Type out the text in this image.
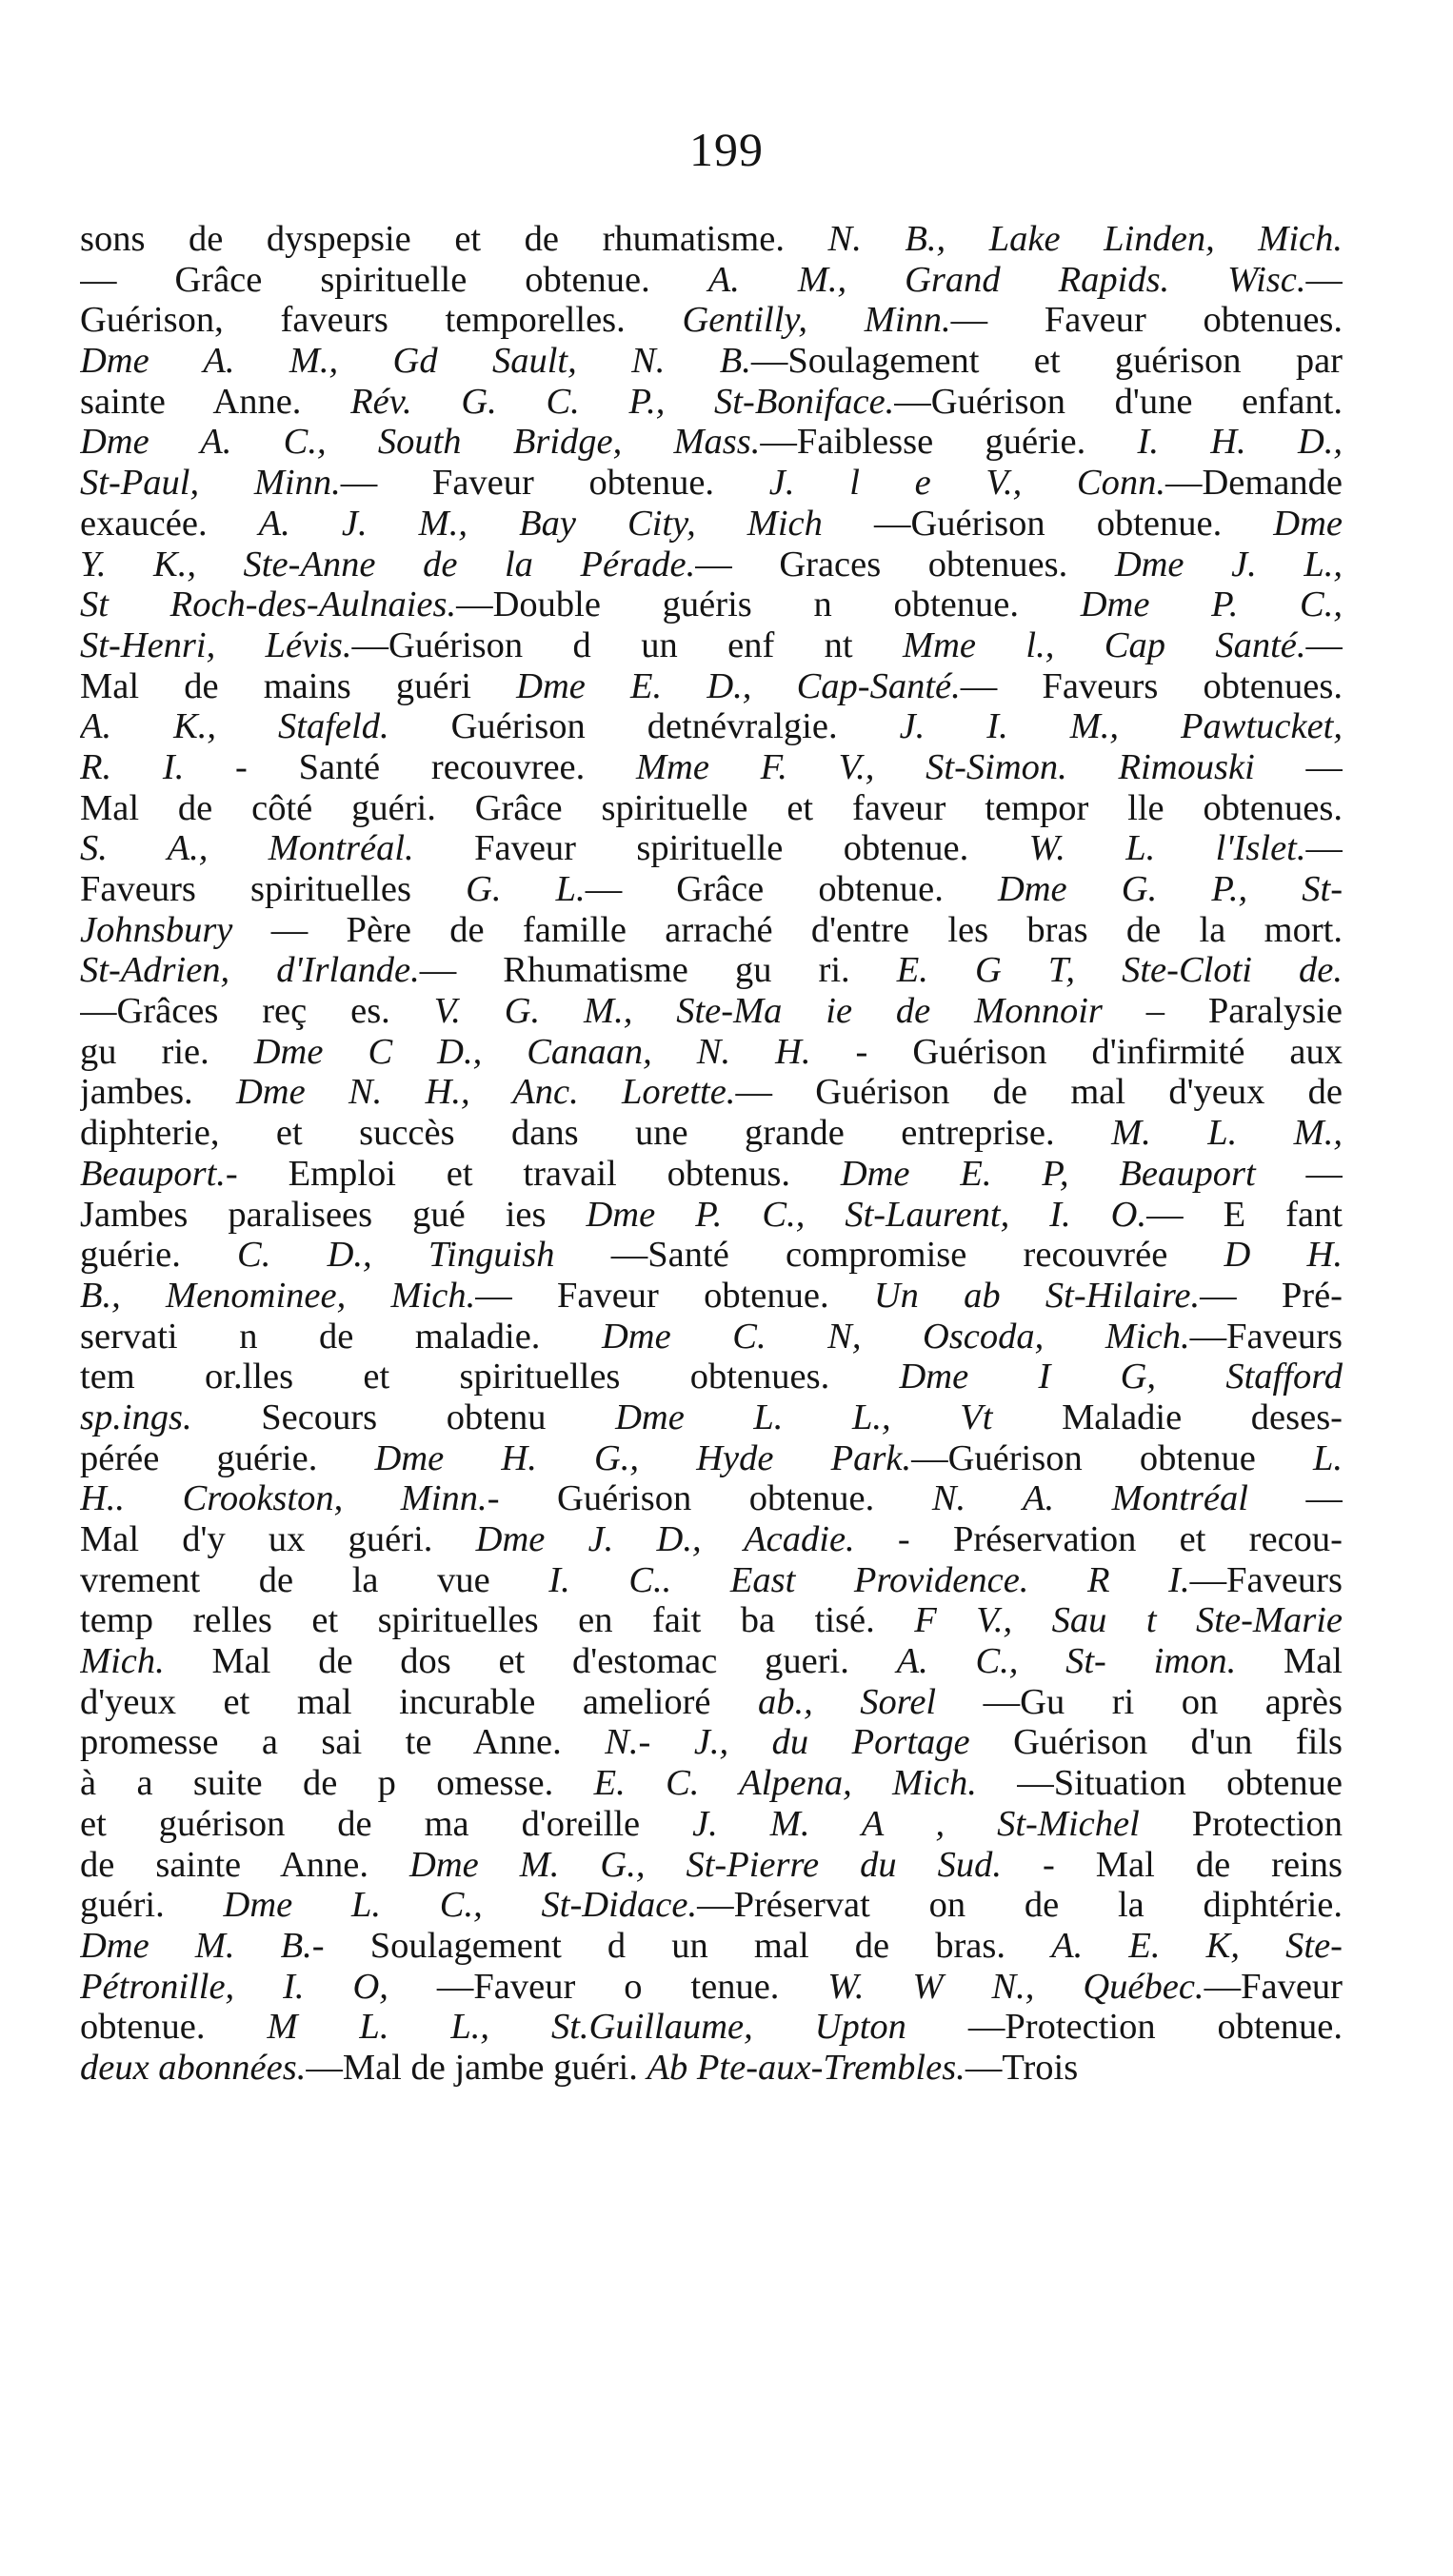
199
sons de dyspepsie et de rhumatisme. N. B., Lake Linden, Mich.
— Grâce spirituelle obtenue. A. M., Grand Rapids. Wisc.—
Guérison, faveurs temporelles. Gentilly, Minn.— Faveur obtenues.
Dme A. M., Gd Sault, N. B.—Soulagement et guérison par
sainte Anne. Rév. G. C. P., St-Boniface.—Guérison d'une enfant.
Dme A. C., South Bridge, Mass.—Faiblesse guérie. I. H. D.,
St-Paul, Minn.— Faveur obtenue. J. l e V., Conn.—Demande
exaucée. A. J. M., Bay City, Mich —Guérison obtenue. Dme
Y. K., Ste-Anne de la Pérade.— Graces obtenues. Dme J. L.,
St Roch-des-Aulnaies.—Double guéris n obtenue. Dme P. C.,
St-Henri, Lévis.—Guérison d un enf nt Mme l., Cap Santé.—
Mal de mains guéri Dme E. D., Cap-Santé.— Faveurs obtenues.
A. K., Stafeld. Guérison detnévralgie. J. I. M., Pawtucket,
R. I. - Santé recouvree. Mme F. V., St-Simon. Rimouski —
Mal de côté guéri. Grâce spirituelle et faveur tempor lle obtenues.
S. A., Montréal. Faveur spirituelle obtenue. W. L. l'Islet.—
Faveurs spirituelles G. L.— Grâce obtenue. Dme G. P., St-
Johnsbury — Père de famille arraché d'entre les bras de la mort.
St-Adrien, d'Irlande.— Rhumatisme gu ri. E. G T, Ste-Cloti de.
—Grâces reç es. V. G. M., Ste-Ma ie de Monnoir – Paralysie
gu rie. Dme C D., Canaan, N. H. - Guérison d'infirmité aux
jambes. Dme N. H., Anc. Lorette.— Guérison de mal d'yeux de
diphterie, et succès dans une grande entreprise. M. L. M.,
Beauport.- Emploi et travail obtenus. Dme E. P, Beauport —
Jambes paralisees gué ies Dme P. C., St-Laurent, I. O.— E fant
guérie. C. D., Tinguish —Santé compromise recouvrée D H.
B., Menominee, Mich.— Faveur obtenue. Un ab St-Hilaire.— Pré-
servati n de maladie. Dme C. N, Oscoda, Mich.—Faveurs
tem or.lles et spirituelles obtenues. Dme I G, Stafford
sp.ings. Secours obtenu Dme L. L., Vt Maladie deses-
pérée guérie. Dme H. G., Hyde Park.—Guérison obtenue L.
H.. Crookston, Minn.- Guérison obtenue. N. A. Montréal —
Mal d'y ux guéri. Dme J. D., Acadie. - Préservation et recou-
vrement de la vue I. C.. East Providence. R I.—Faveurs
temp relles et spirituelles en fait ba tisé. F V., Sau t Ste-Marie
Mich. Mal de dos et d'estomac gueri. A. C., St- imon. Mal
d'yeux et mal incurable amelioré ab., Sorel —Gu ri on après
promesse a sai te Anne. N.- J., du Portage Guérison d'un fils
à a suite de p omesse. E. C. Alpena, Mich. —Situation obtenue
et guérison de ma d'oreille J. M. A , St-Michel Protection
de sainte Anne. Dme M. G., St-Pierre du Sud. - Mal de reins
guéri. Dme L. C., St-Didace.—Préservat on de la diphtérie.
Dme M. B.- Soulagement d un mal de bras. A. E. K, Ste-
Pétronille, I. O, —Faveur o tenue. W. W N., Québec.—Faveur
obtenue. M L. L., St.Guillaume, Upton —Protection obtenue.
deux abonnées.—Mal de jambe guéri. Ab Pte-aux-Trembles.—Trois
